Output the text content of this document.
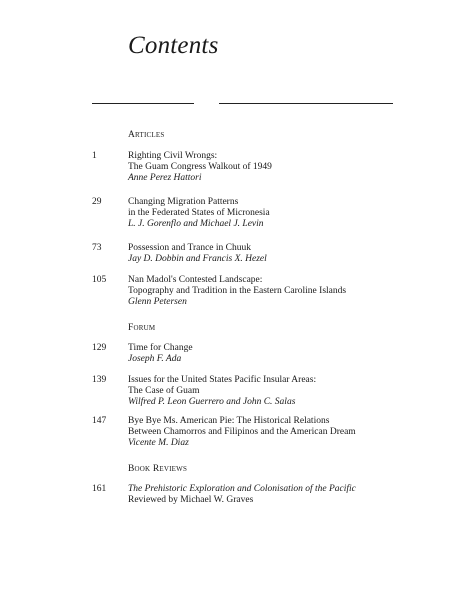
Contents
Articles
1	Righting Civil Wrongs:
The Guam Congress Walkout of 1949
Anne Perez Hattori
29	Changing Migration Patterns
in the Federated States of Micronesia
L. J. Gorenflo and Michael J. Levin
73	Possession and Trance in Chuuk
Jay D. Dobbin and Francis X. Hezel
105 Nan Madol's Contested Landscape:
Topography and Tradition in the Eastern Caroline Islands
Glenn Petersen
Forum
129 Time for Change
Joseph F. Ada
139 Issues for the United States Pacific Insular Areas:
The Case of Guam
Wilfred P. Leon Guerrero and John C. Salas
147 Bye Bye Ms. American Pie: The Historical Relations
Between Chamorros and Filipinos and the American Dream
Vicente M. Diaz
Book Reviews
161 The Prehistoric Exploration and Colonisation of the Pacific
Reviewed by Michael W. Graves
